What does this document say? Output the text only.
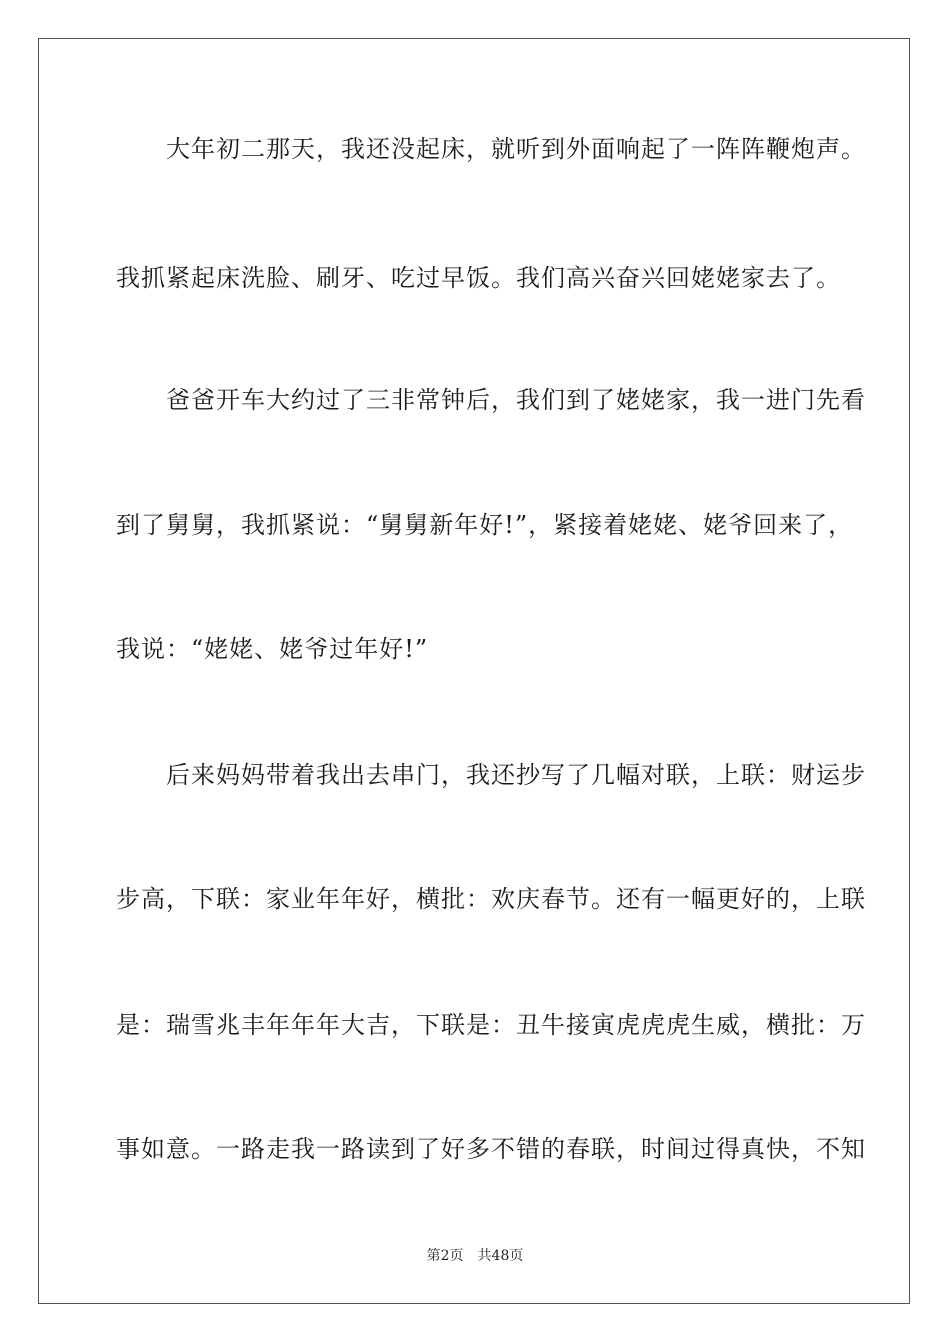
　　大年初二那天，我还没起床，就听到外面响起了一阵阵鞭炮声。
我抓紧起床洗脸、刷牙、吃过早饭。我们高兴奋兴回姥姥家去了。
　　爸爸开车大约过了三非常钟后，我们到了姥姥家，我一进门先看
到了舅舅，我抓紧说：“舅舅新年好!”，紧接着姥姥、姥爷回来了，
我说：“姥姥、姥爷过年好!”
　　后来妈妈带着我出去串门，我还抄写了几幅对联，上联：财运步
步高，下联：家业年年好，横批：欢庆春节。还有一幅更好的，上联
是：瑞雪兆丰年年年大吉，下联是：丑牛接寅虎虎虎生威，横批：万
事如意。一路走我一路读到了好多不错的春联，时间过得真快，不知
第2页 共48页
